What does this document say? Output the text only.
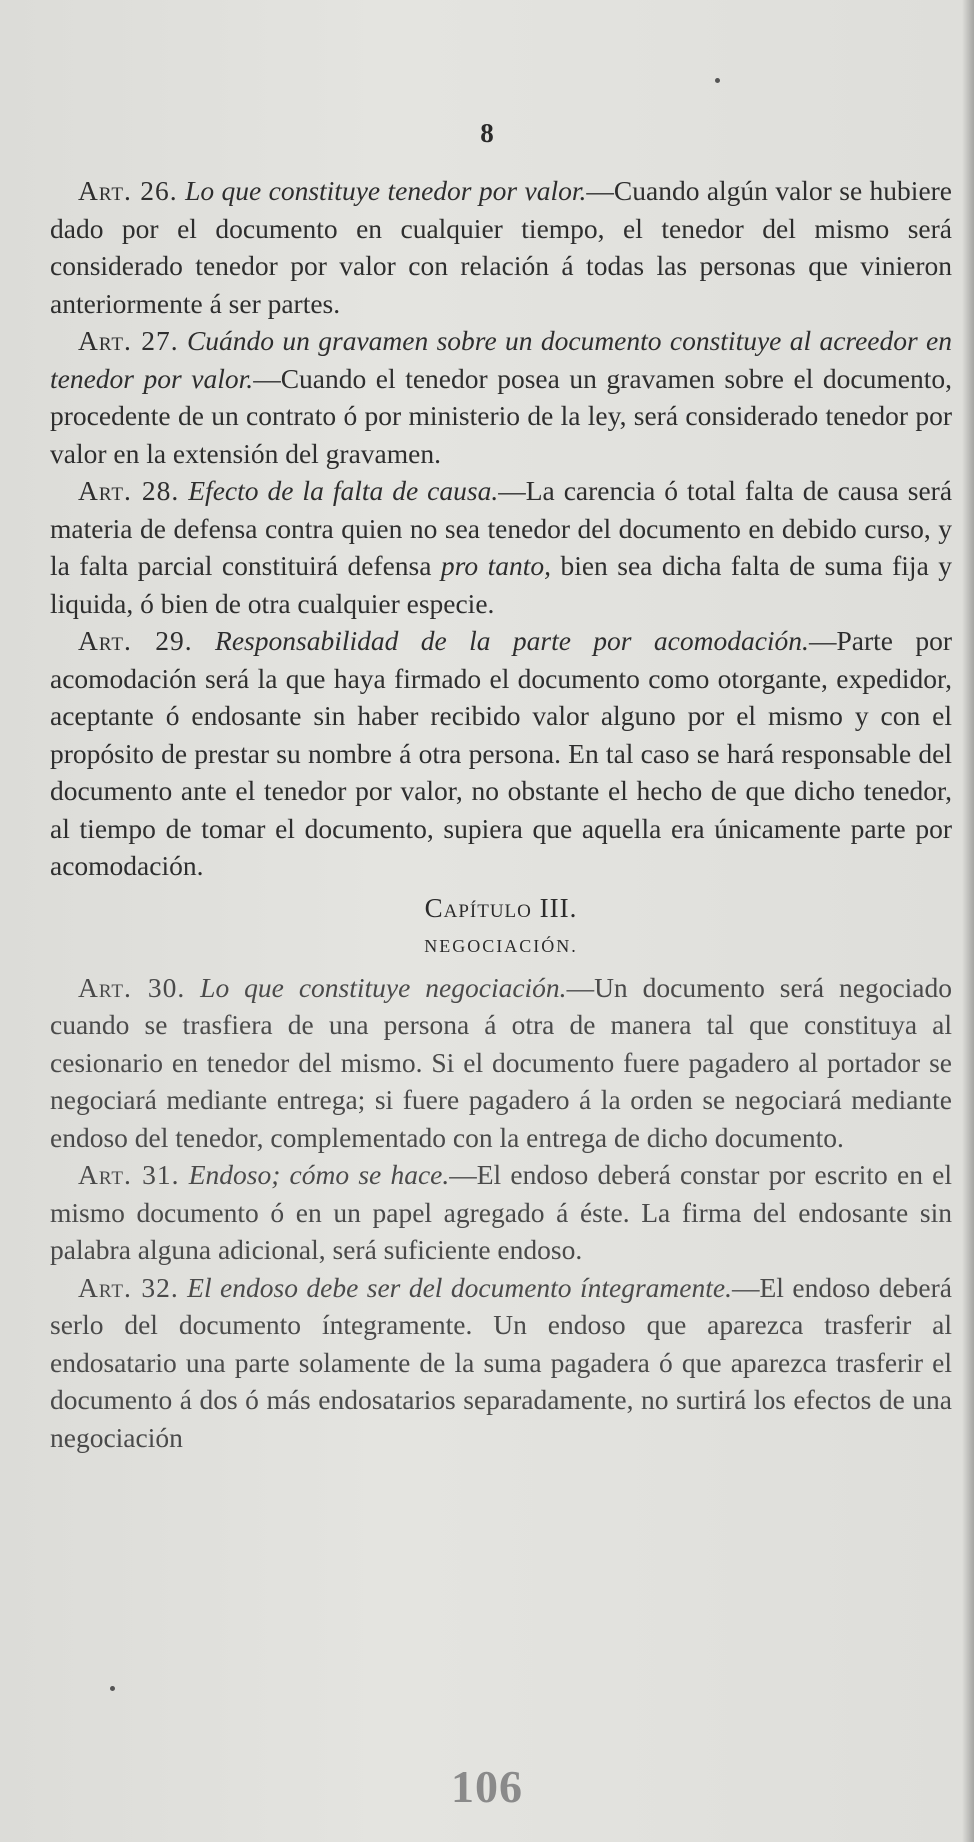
8

Art. 26. Lo que constituye tenedor por valor.—Cuando algún valor se hubiere dado por el documento en cualquier tiempo, el tenedor del mismo será considerado tenedor por valor con relación á todas las personas que vinieron anteriormente á ser partes.

Art. 27. Cuándo un gravamen sobre un documento constituye al acreedor en tenedor por valor.—Cuando el tenedor posea un gravamen sobre el documento, procedente de un contrato ó por ministerio de la ley, será considerado tenedor por valor en la extensión del gravamen.

Art. 28. Efecto de la falta de causa.—La carencia ó total falta de causa será materia de defensa contra quien no sea tenedor del documento en debido curso, y la falta parcial constituirá defensa pro tanto, bien sea dicha falta de suma fija y liquida, ó bien de otra cualquier especie.

Art. 29. Responsabilidad de la parte por acomodación.—Parte por acomodación será la que haya firmado el documento como otorgante, expedidor, aceptante ó endosante sin haber recibido valor alguno por el mismo y con el propósito de prestar su nombre á otra persona. En tal caso se hará responsable del documento ante el tenedor por valor, no obstante el hecho de que dicho tenedor, al tiempo de tomar el documento, supiera que aquella era únicamente parte por acomodación.

Capítulo III.

NEGOCIACIÓN.

Art. 30. Lo que constituye negociación.—Un documento será negociado cuando se trasfiera de una persona á otra de manera tal que constituya al cesionario en tenedor del mismo. Si el documento fuere pagadero al portador se negociará mediante entrega; si fuere pagadero á la orden se negociará mediante endoso del tenedor, complementado con la entrega de dicho documento.

Art. 31. Endoso; cómo se hace.—El endoso deberá constar por escrito en el mismo documento ó en un papel agregado á éste. La firma del endosante sin palabra alguna adicional, será suficiente endoso.

Art. 32. El endoso debe ser del documento íntegramente.—El endoso deberá serlo del documento íntegramente. Un endoso que aparezca trasferir al endosatario una parte solamente de la suma pagadera ó que aparezca trasferir el documento á dos ó más endosatarios separadamente, no surtirá los efectos de una negociación

106
